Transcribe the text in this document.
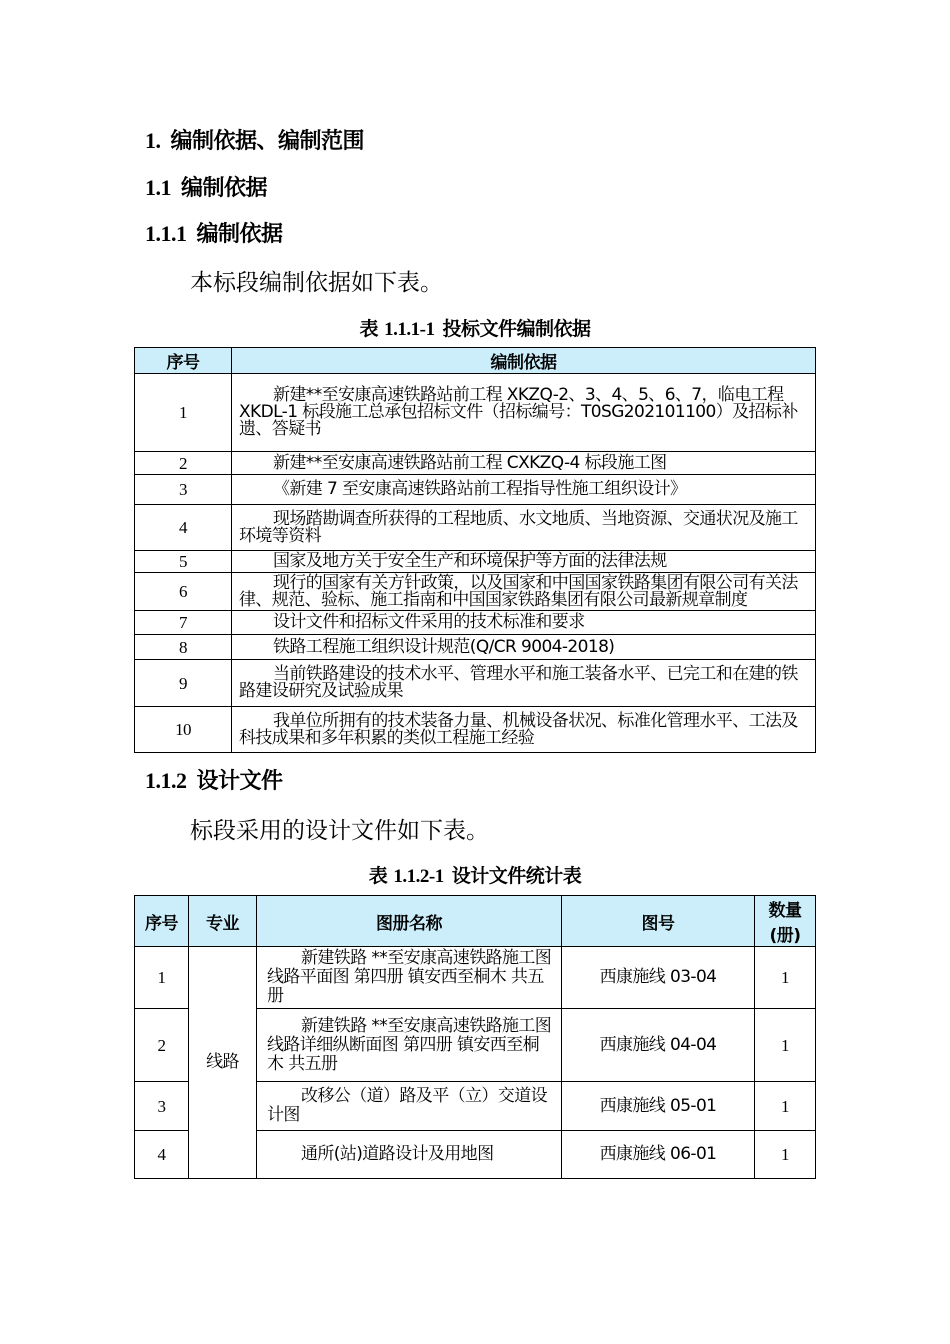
1. 编制依据、编制范围
1.1 编制依据
1.1.1 编制依据
本标段编制依据如下表。
表 1.1.1-1 投标文件编制依据
序号	编制依据
1	新建**至安康高速铁路站前工程 XKZQ-2、3、4、5、6、7，临电工程 XKDL-1 标段施工总承包招标文件（招标编号：T0SG202101100）及招标补遗、答疑书
2	新建**至安康高速铁路站前工程 CXKZQ-4 标段施工图
3	《新建 7 至安康高速铁路站前工程指导性施工组织设计》
4	现场踏勘调查所获得的工程地质、水文地质、当地资源、交通状况及施工环境等资料
5	国家及地方关于安全生产和环境保护等方面的法律法规
6	现行的国家有关方针政策，以及国家和中国国家铁路集团有限公司有关法律、规范、验标、施工指南和中国国家铁路集团有限公司最新规章制度
7	设计文件和招标文件采用的技术标准和要求
8	铁路工程施工组织设计规范(Q/CR 9004-2018)
9	当前铁路建设的技术水平、管理水平和施工装备水平、已完工和在建的铁路建设研究及试验成果
10	我单位所拥有的技术装备力量、机械设备状况、标准化管理水平、工法及科技成果和多年积累的类似工程施工经验
1.1.2 设计文件
标段采用的设计文件如下表。
表 1.1.2-1 设计文件统计表
序号	专业	图册名称	图号	数量(册)
1	线路	新建铁路 **至安康高速铁路施工图 线路平面图 第四册 镇安西至桐木 共五册	西康施线 03-04	1
2		新建铁路 **至安康高速铁路施工图线路详细纵断面图 第四册 镇安西至桐木 共五册	西康施线 04-04	1
3		改移公（道）路及平（立）交道设计图	西康施线 05-01	1
4		通所(站)道路设计及用地图	西康施线 06-01	1
